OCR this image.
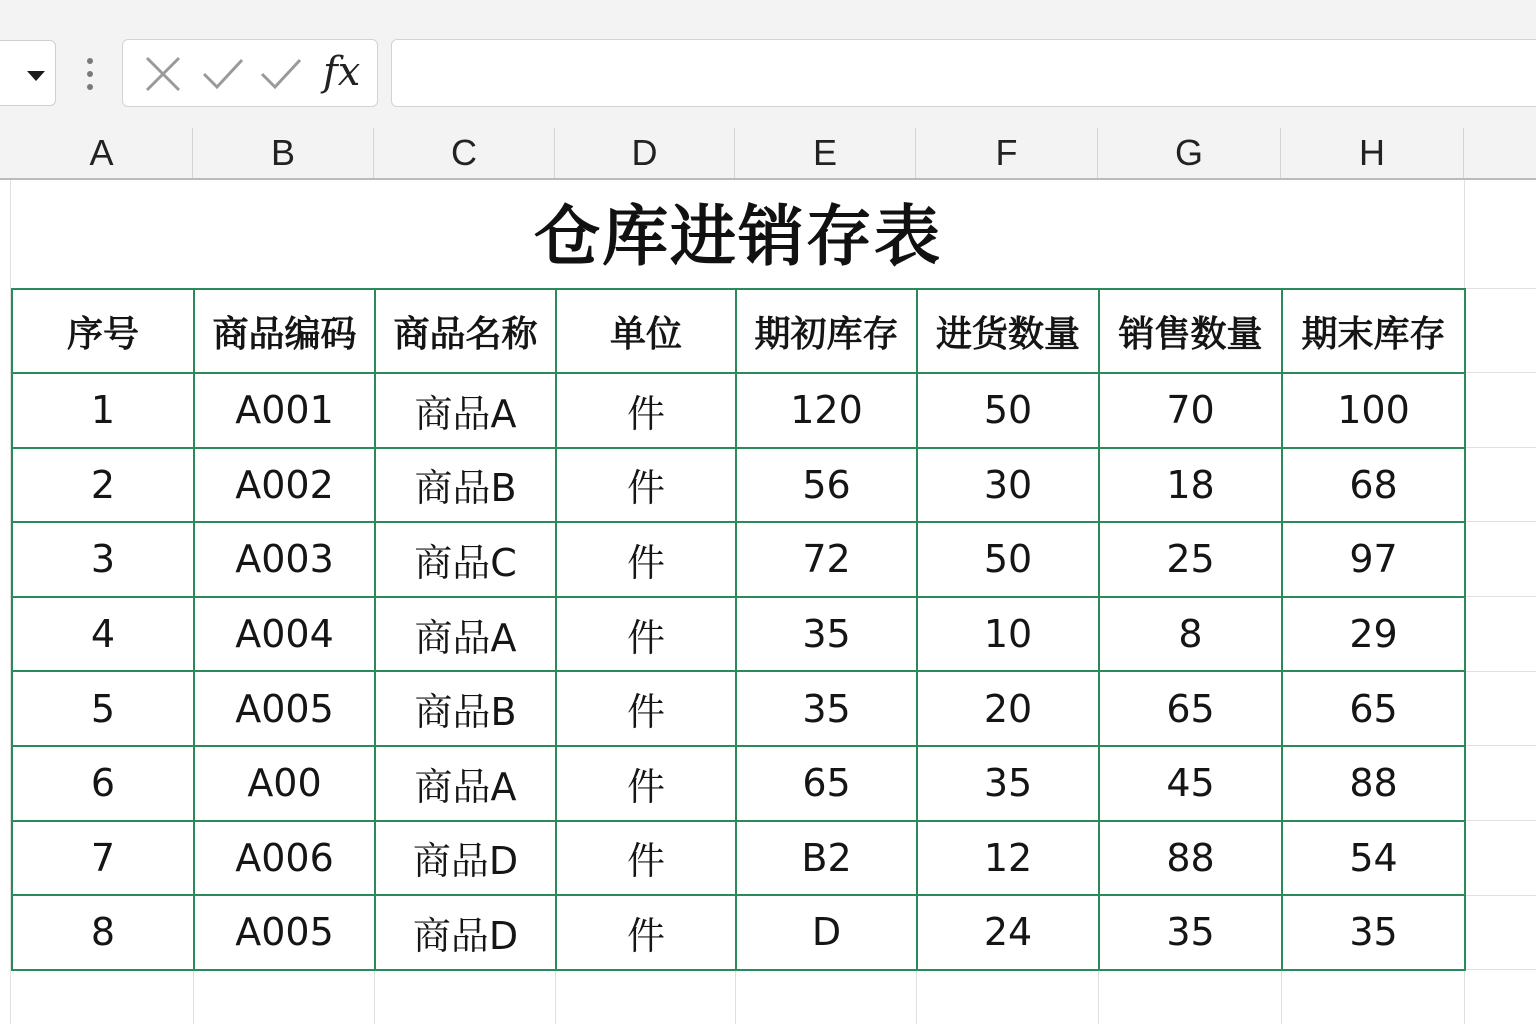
fx
A	B	C	D	E	F	G	H
仓库进销存表
序号	商品编码	商品名称	单位	期初库存	进货数量	销售数量	期末库存
1	A001	商品A	件	120	50	70	100
2	A002	商品B	件	56	30	18	68
3	A003	商品C	件	72	50	25	97
4	A004	商品A	件	35	10	8	29
5	A005	商品B	件	35	20	65	65
6	A00	商品A	件	65	35	45	88
7	A006	商品D	件	B2	12	88	54
8	A005	商品D	件	D	24	35	35
